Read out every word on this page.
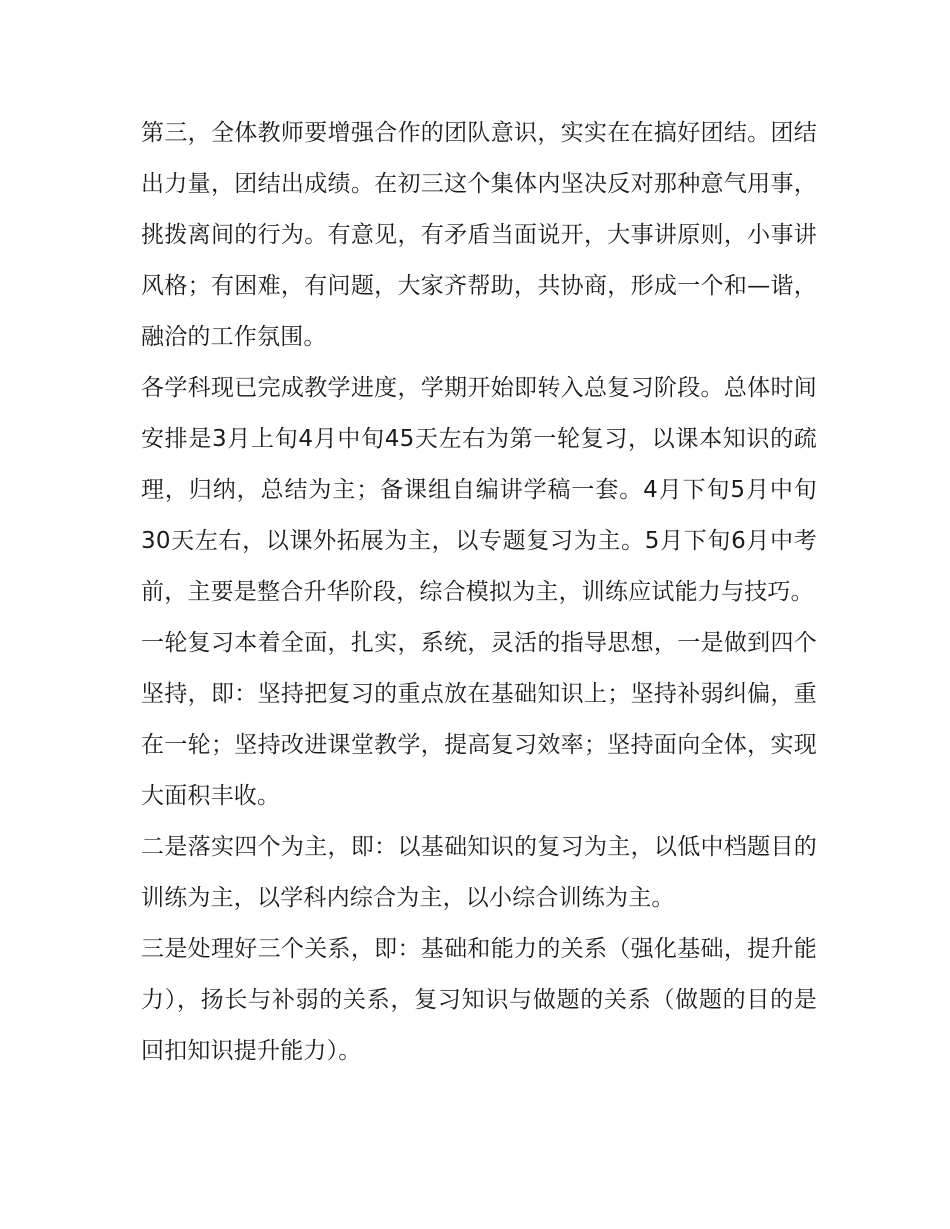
第三，全体教师要增强合作的团队意识，实实在在搞好团结。团结出力量，团结出成绩。在初三这个集体内坚决反对那种意气用事，挑拨离间的行为。有意见，有矛盾当面说开，大事讲原则，小事讲风格；有困难，有问题，大家齐帮助，共协商，形成一个和—谐，融洽的工作氛围。

各学科现已完成教学进度，学期开始即转入总复习阶段。总体时间安排是3月上旬4月中旬45天左右为第一轮复习，以课本知识的疏理，归纳，总结为主；备课组自编讲学稿一套。4月下旬5月中旬30天左右，以课外拓展为主，以专题复习为主。5月下旬6月中考前，主要是整合升华阶段，综合模拟为主，训练应试能力与技巧。

一轮复习本着全面，扎实，系统，灵活的指导思想，一是做到四个坚持，即：坚持把复习的重点放在基础知识上；坚持补弱纠偏，重在一轮；坚持改进课堂教学，提高复习效率；坚持面向全体，实现大面积丰收。

二是落实四个为主，即：以基础知识的复习为主，以低中档题目的训练为主，以学科内综合为主，以小综合训练为主。

三是处理好三个关系，即：基础和能力的关系（强化基础，提升能力），扬长与补弱的关系，复习知识与做题的关系（做题的目的是回扣知识提升能力）。
